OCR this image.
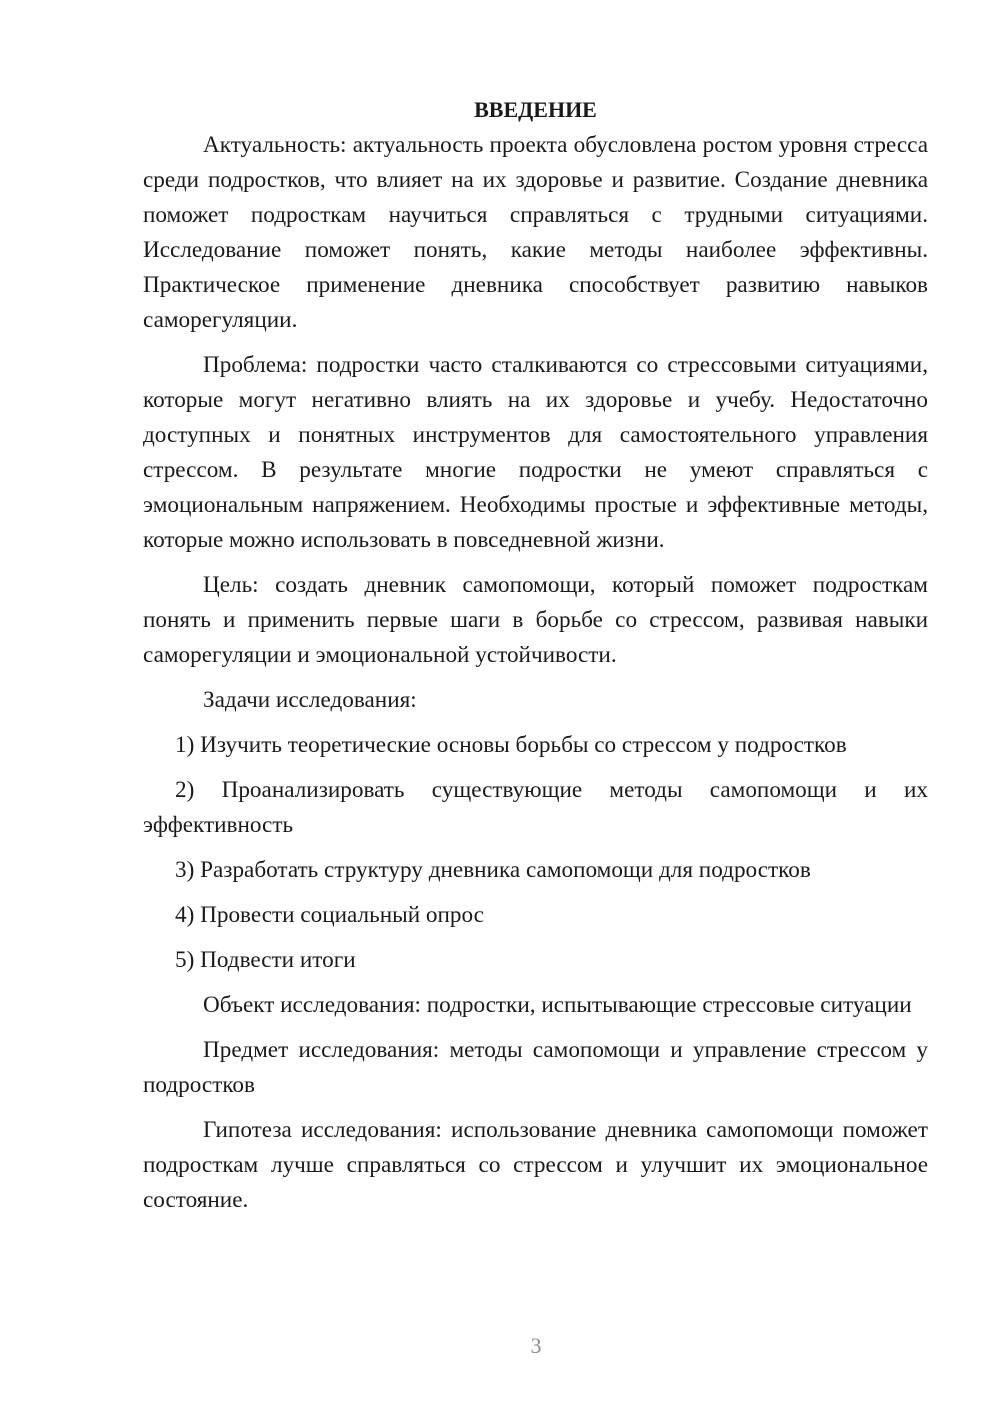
ВВЕДЕНИЕ

Актуальность: актуальность проекта обусловлена ростом уровня стресса среди подростков, что влияет на их здоровье и развитие. Создание дневника поможет подросткам научиться справляться с трудными ситуациями. Исследование поможет понять, какие методы наиболее эффективны. Практическое применение дневника способствует развитию навыков саморегуляции.

Проблема: подростки часто сталкиваются со стрессовыми ситуациями, которые могут негативно влиять на их здоровье и учебу. Недостаточно доступных и понятных инструментов для самостоятельного управления стрессом. В результате многие подростки не умеют справляться с эмоциональным напряжением. Необходимы простые и эффективные методы, которые можно использовать в повседневной жизни.

Цель: создать дневник самопомощи, который поможет подросткам понять и применить первые шаги в борьбе со стрессом, развивая навыки саморегуляции и эмоциональной устойчивости.

Задачи исследования:

1) Изучить теоретические основы борьбы со стрессом у подростков

2) Проанализировать существующие методы самопомощи и их эффективность

3) Разработать структуру дневника самопомощи для подростков

4) Провести социальный опрос

5) Подвести итоги

Объект исследования: подростки, испытывающие стрессовые ситуации

Предмет исследования: методы самопомощи и управление стрессом у подростков

Гипотеза исследования: использование дневника самопомощи поможет подросткам лучше справляться со стрессом и улучшит их эмоциональное состояние.

3
